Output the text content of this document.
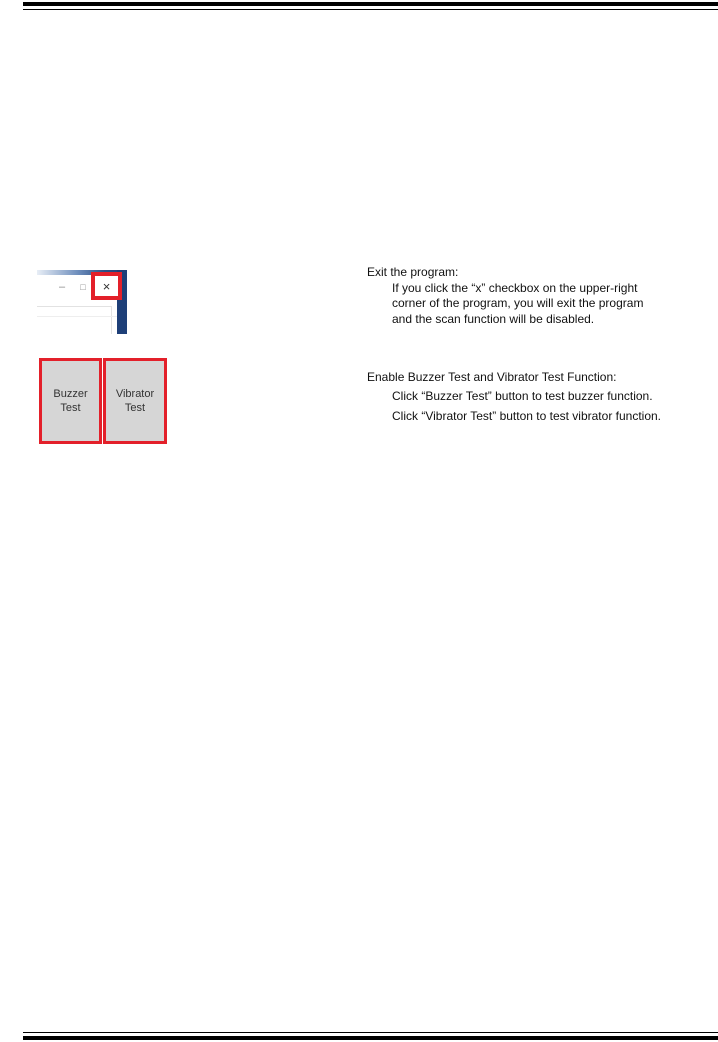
–	□	×

Exit the program:

If you click the “x” checkbox on the upper-right

corner of the program, you will exit the program

and the scan function will be disabled.

Buzzer Test
Vibrator Test

Enable Buzzer Test and Vibrator Test Function:

Click “Buzzer Test” button to test buzzer function.

Click “Vibrator Test” button to test vibrator function.
